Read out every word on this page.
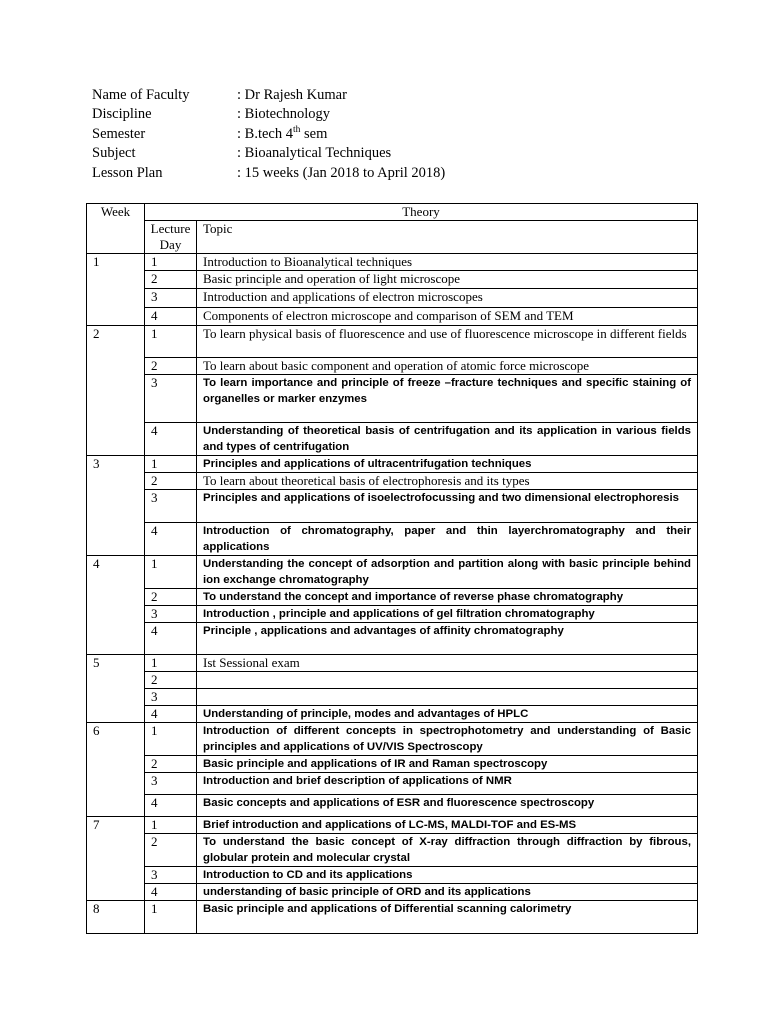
Name of Faculty	: Dr Rajesh Kumar
Discipline	: Biotechnology
Semester	: B.tech 4th sem
Subject	: Bioanalytical Techniques
Lesson Plan	: 15 weeks (Jan 2018 to April 2018)
Week	Theory	
	Lecture Day	Topic
1	1	Introduction to Bioanalytical techniques
	2	Basic principle and operation of light microscope
	3	Introduction and applications of electron microscopes
	4	Components of electron microscope and comparison of SEM and TEM
2	1	To learn physical basis of fluorescence and use of fluorescence microscope in different fields
	2	To learn about basic component and operation of atomic force microscope
	3	To learn importance and principle of freeze –fracture techniques and specific staining of organelles or marker enzymes
	4	Understanding of theoretical basis of centrifugation and its application in various fields and types of centrifugation
3	1	Principles and applications of ultracentrifugation techniques
	2	To learn about theoretical basis of electrophoresis and its types
	3	Principles and applications of isoelectrofocussing and two dimensional electrophoresis
	4	Introduction of chromatography, paper and thin layerchromatography and their applications
4	1	Understanding the concept of adsorption and partition along with basic principle behind ion exchange chromatography
	2	To understand the concept and importance of reverse phase chromatography
	3	Introduction , principle and applications of gel filtration chromatography
	4	Principle , applications and advantages of affinity chromatography
5	1	Ist Sessional exam
	2	
	3	
	4	Understanding of principle, modes and advantages of HPLC
6	1	Introduction of different concepts in spectrophotometry and understanding of Basic principles and applications of UV/VIS Spectroscopy
	2	Basic principle and applications of IR and Raman spectroscopy
	3	Introduction and brief description of applications of NMR
	4	Basic concepts and applications of ESR and fluorescence spectroscopy
7	1	Brief introduction and applications of LC-MS, MALDI-TOF and ES-MS
	2	To understand the basic concept of X-ray diffraction through diffraction by fibrous, globular protein and molecular crystal
	3	Introduction to CD and its applications
	4	understanding of basic principle of ORD and its applications
8	1	Basic principle and applications of Differential scanning calorimetry
